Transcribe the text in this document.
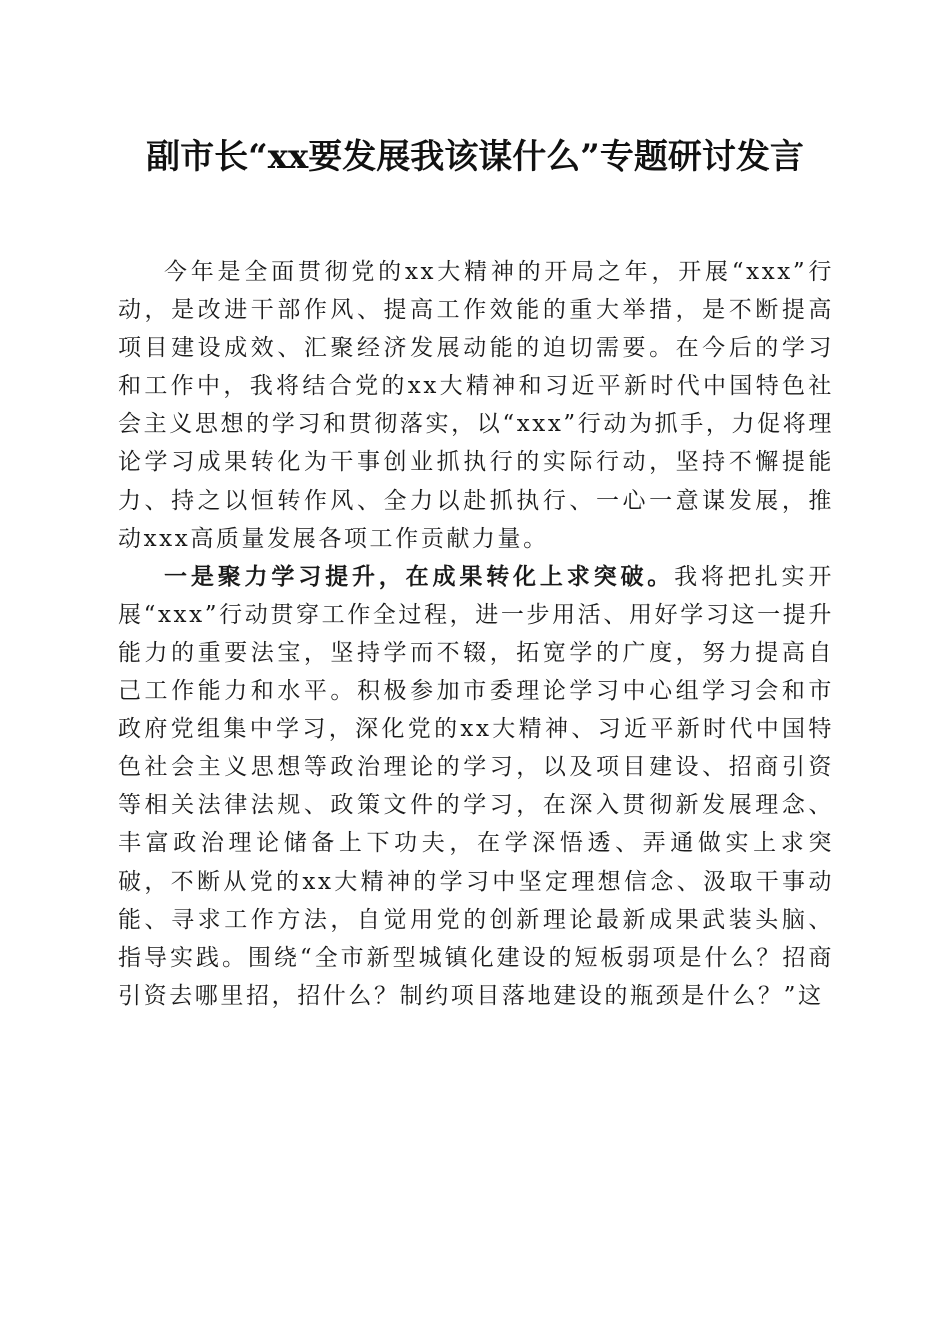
副市长“xx要发展我该谋什么”专题研讨发言

今年是全面贯彻党的xx大精神的开局之年，开展“xxx”行动，是改进干部作风、提高工作效能的重大举措，是不断提高项目建设成效、汇聚经济发展动能的迫切需要。在今后的学习和工作中，我将结合党的xx大精神和习近平新时代中国特色社会主义思想的学习和贯彻落实，以“xxx”行动为抓手，力促将理论学习成果转化为干事创业抓执行的实际行动，坚持不懈提能力、持之以恒转作风、全力以赴抓执行、一心一意谋发展，推动xxx高质量发展各项工作贡献力量。

一是聚力学习提升，在成果转化上求突破。我将把扎实开展“xxx”行动贯穿工作全过程，进一步用活、用好学习这一提升能力的重要法宝，坚持学而不辍，拓宽学的广度，努力提高自己工作能力和水平。积极参加市委理论学习中心组学习会和市政府党组集中学习，深化党的xx大精神、习近平新时代中国特色社会主义思想等政治理论的学习，以及项目建设、招商引资等相关法律法规、政策文件的学习，在深入贯彻新发展理念、丰富政治理论储备上下功夫，在学深悟透、弄通做实上求突破，不断从党的xx大精神的学习中坚定理想信念、汲取干事动能、寻求工作方法，自觉用党的创新理论最新成果武装头脑、指导实践。围绕“全市新型城镇化建设的短板弱项是什么？招商引资去哪里招，招什么？制约项目落地建设的瓶颈是什么？”这
